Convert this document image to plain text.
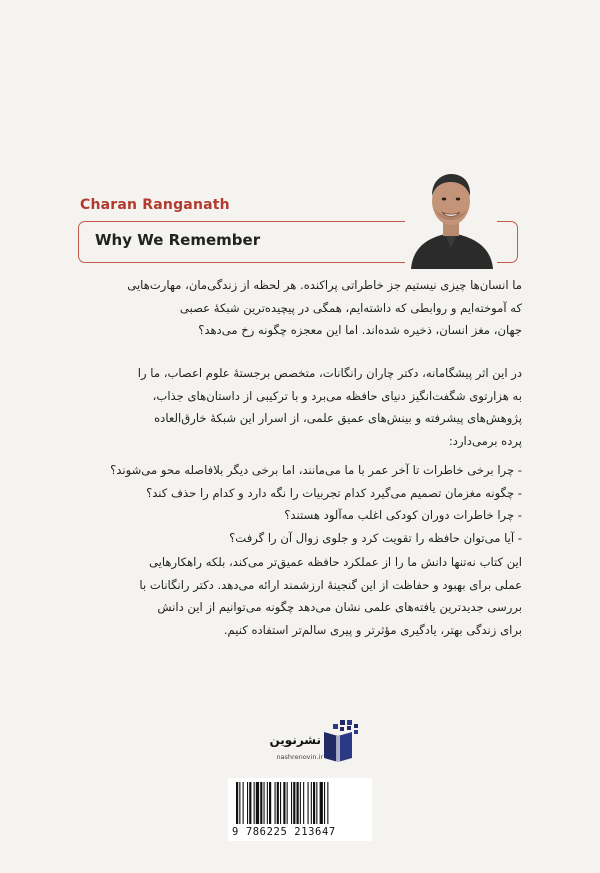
Charan Ranganath
Why We Remember
ما انسان‌ها چیزی نیستیم جز خاطراتی پراکنده. هر لحظه از زندگی‌مان، مهارت‌هایی
که آموخته‌ایم و روابطی که داشته‌ایم، همگی در پیچیده‌ترین شبکهٔ عصبی
جهان، مغز انسان، ذخیره شده‌اند. اما این معجزه چگونه رخ می‌دهد؟
در این اثر پیشگامانه، دکتر چاران رانگانات، متخصص برجستهٔ علوم اعصاب، ما را
به هزارتوی شگفت‌انگیز دنیای حافظه می‌برد و با ترکیبی از داستان‌های جذاب،
پژوهش‌های پیشرفته و بینش‌های عمیق علمی، از اسرار این شبکهٔ خارق‌العاده
پرده برمی‌دارد:
- چرا برخی خاطرات تا آخر عمر با ما می‌مانند، اما برخی دیگر بلافاصله محو می‌شوند؟
- چگونه مغزمان تصمیم می‌گیرد کدام تجربیات را نگه دارد و کدام را حذف کند؟
- چرا خاطرات دوران کودکی اغلب مه‌آلود هستند؟
- آیا می‌توان حافظه را تقویت کرد و جلوی زوال آن را گرفت؟
این کتاب نه‌تنها دانش ما را از عملکرد حافظه عمیق‌تر می‌کند، بلکه راهکارهایی
عملی برای بهبود و حفاظت از این گنجینهٔ ارزشمند ارائه می‌دهد. دکتر رانگانات با
بررسی جدیدترین یافته‌های علمی نشان می‌دهد چگونه می‌توانیم از این دانش
برای زندگی بهتر، یادگیری مؤثرتر و پیری سالم‌تر استفاده کنیم.
نشرنوین
nashrenovin.ir
9 786225 213647
